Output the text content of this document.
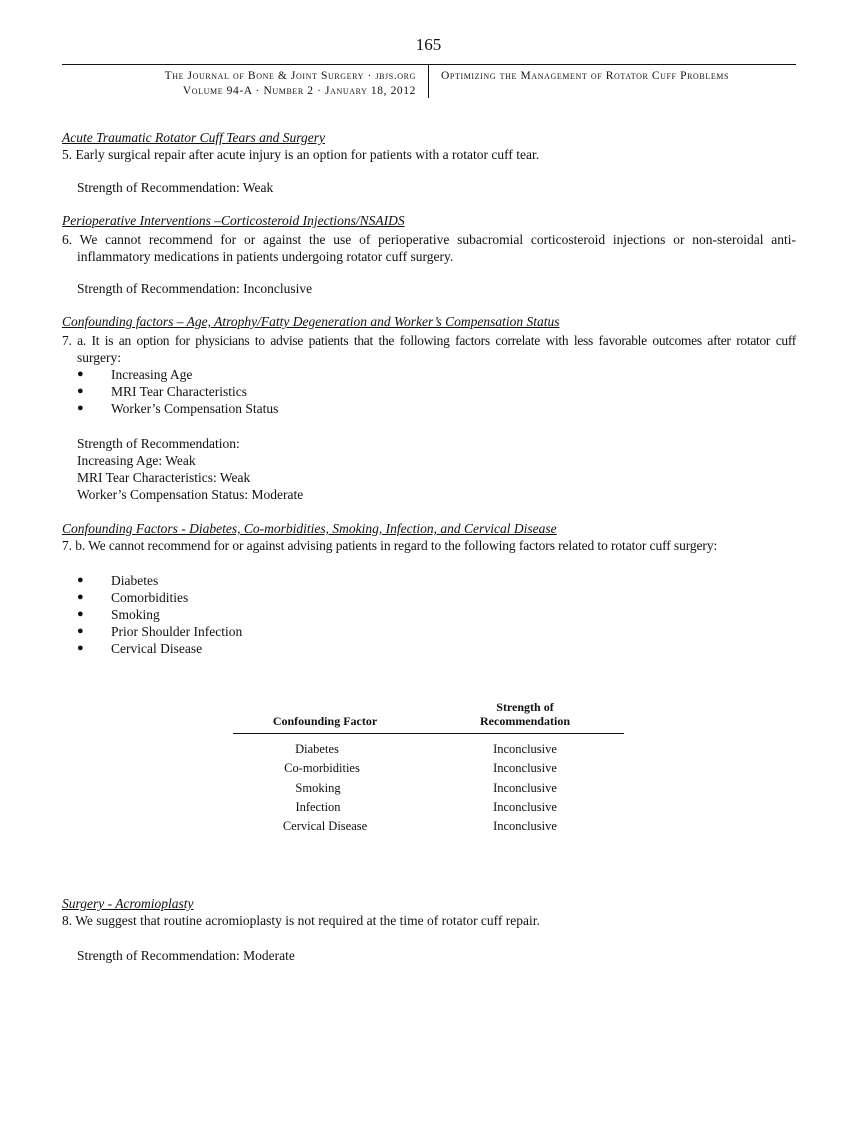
165
The Journal of Bone & Joint Surgery · jbjs.org
Volume 94-A · Number 2 · January 18, 2012
Optimizing the Management of Rotator Cuff Problems
Acute Traumatic Rotator Cuff Tears and Surgery
5. Early surgical repair after acute injury is an option for patients with a rotator cuff tear.
Strength of Recommendation: Weak
Perioperative Interventions –Corticosteroid Injections/NSAIDS
6. We cannot recommend for or against the use of perioperative subacromial corticosteroid injections or non-steroidal anti-
inflammatory medications in patients undergoing rotator cuff surgery.
Strength of Recommendation: Inconclusive
Confounding factors – Age, Atrophy/Fatty Degeneration and Worker’s Compensation Status
7. a. It is an option for physicians to advise patients that the following factors correlate with less favorable outcomes after rotator cuff
surgery:
● Increasing Age
● MRI Tear Characteristics
● Worker’s Compensation Status
Strength of Recommendation:
Increasing Age: Weak
MRI Tear Characteristics: Weak
Worker’s Compensation Status: Moderate
Confounding Factors - Diabetes, Co-morbidities, Smoking, Infection, and Cervical Disease
7. b. We cannot recommend for or against advising patients in regard to the following factors related to rotator cuff surgery:
● Diabetes
● Comorbidities
● Smoking
● Prior Shoulder Infection
● Cervical Disease
Confounding Factor
Strength of
Recommendation
Diabetes	Inconclusive
Co-morbidities	Inconclusive
Smoking	Inconclusive
Infection	Inconclusive
Cervical Disease	Inconclusive
Surgery - Acromioplasty
8. We suggest that routine acromioplasty is not required at the time of rotator cuff repair.
Strength of Recommendation: Moderate
